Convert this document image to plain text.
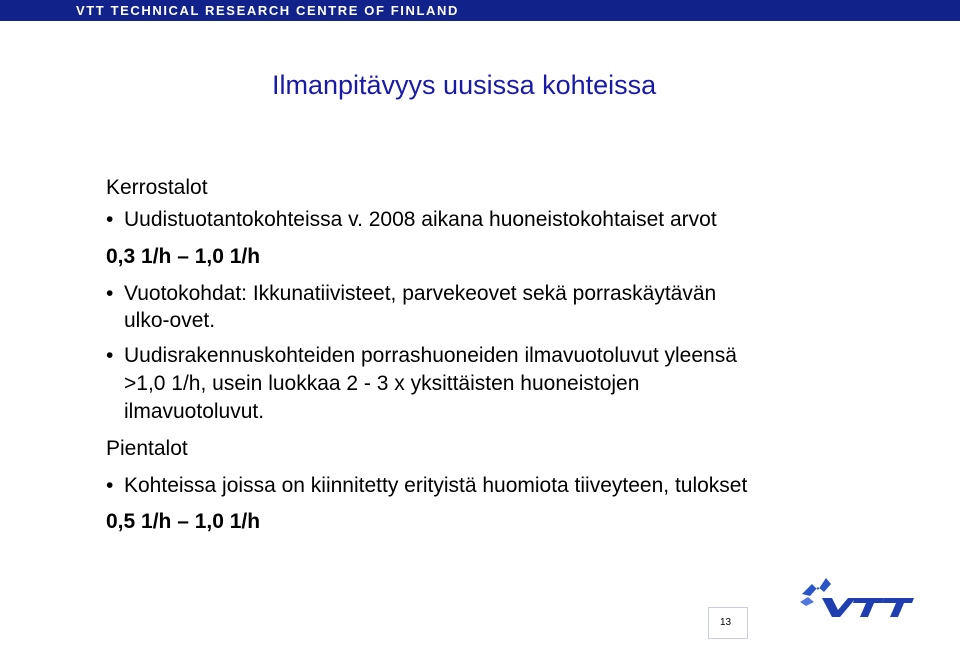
VTT TECHNICAL RESEARCH CENTRE OF FINLAND
Ilmanpitävyys uusissa kohteissa
Kerrostalot
• Uudistuotantokohteissa v. 2008 aikana huoneistokohtaiset arvot
0,3 1/h – 1,0 1/h
• Vuotokohdat: Ikkunatiivisteet, parvekeovet sekä porraskäytävän
ulko-ovet.
• Uudisrakennuskohteiden porrashuoneiden ilmavuotoluvut yleensä
>1,0 1/h, usein luokkaa 2 - 3 x yksittäisten huoneistojen
ilmavuotoluvut.
Pientalot
• Kohteissa joissa on kiinnitetty erityistä huomiota tiiveyteen, tulokset
0,5 1/h – 1,0 1/h
13
